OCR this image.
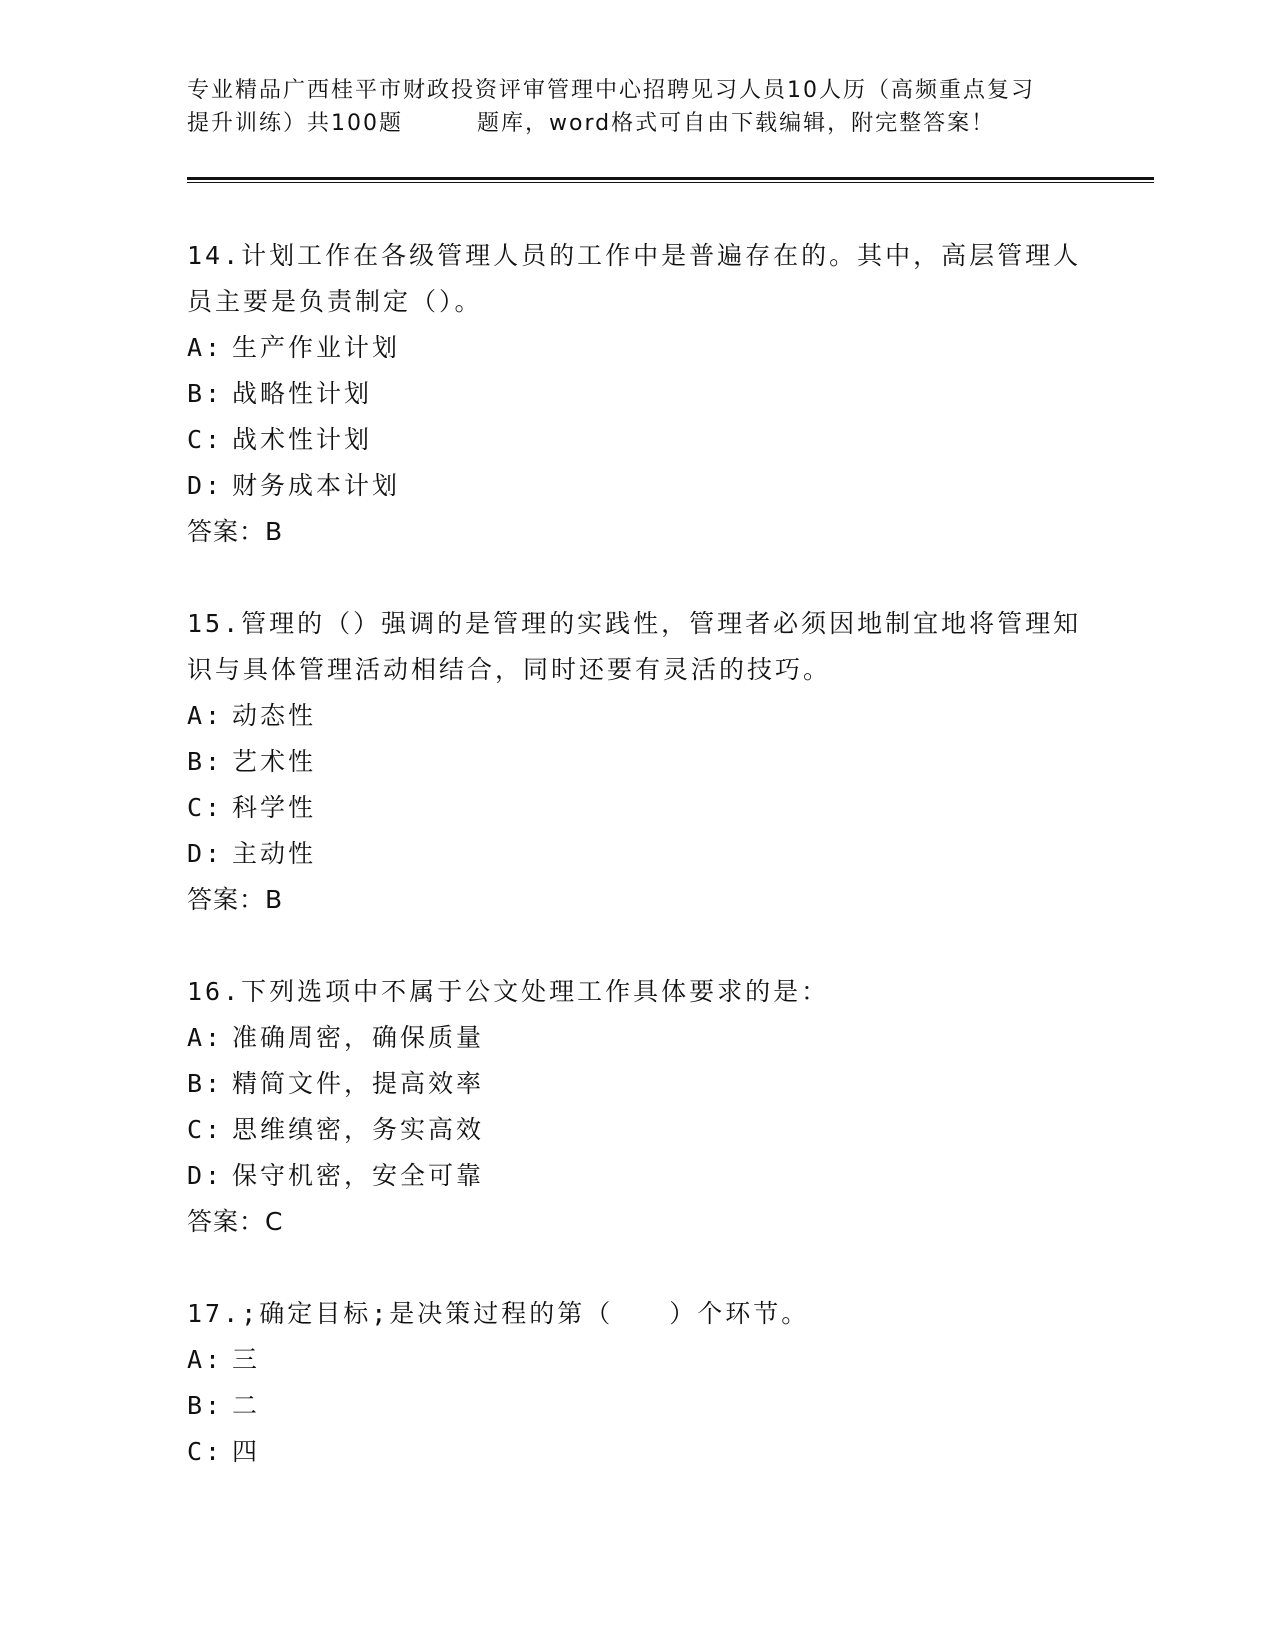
专业精品广西桂平市财政投资评审管理中心招聘见习人员10人历（高频重点复习
提升训练）共100题	题库，word格式可自由下载编辑，附完整答案！

14.计划工作在各级管理人员的工作中是普遍存在的。其中，高层管理人员主要是负责制定（）。

A: 生产作业计划
B: 战略性计划
C: 战术性计划
D: 财务成本计划

答案：B

15.管理的（）强调的是管理的实践性，管理者必须因地制宜地将管理知识与具体管理活动相结合，同时还要有灵活的技巧。

A: 动态性
B: 艺术性
C: 科学性
D: 主动性

答案：B

16.下列选项中不属于公文处理工作具体要求的是：

A: 准确周密，确保质量
B: 精简文件，提高效率
C: 思维缜密，务实高效
D: 保守机密，安全可靠

答案：C

17.;确定目标;是决策过程的第（　　）个环节。

A: 三
B: 二
C: 四
